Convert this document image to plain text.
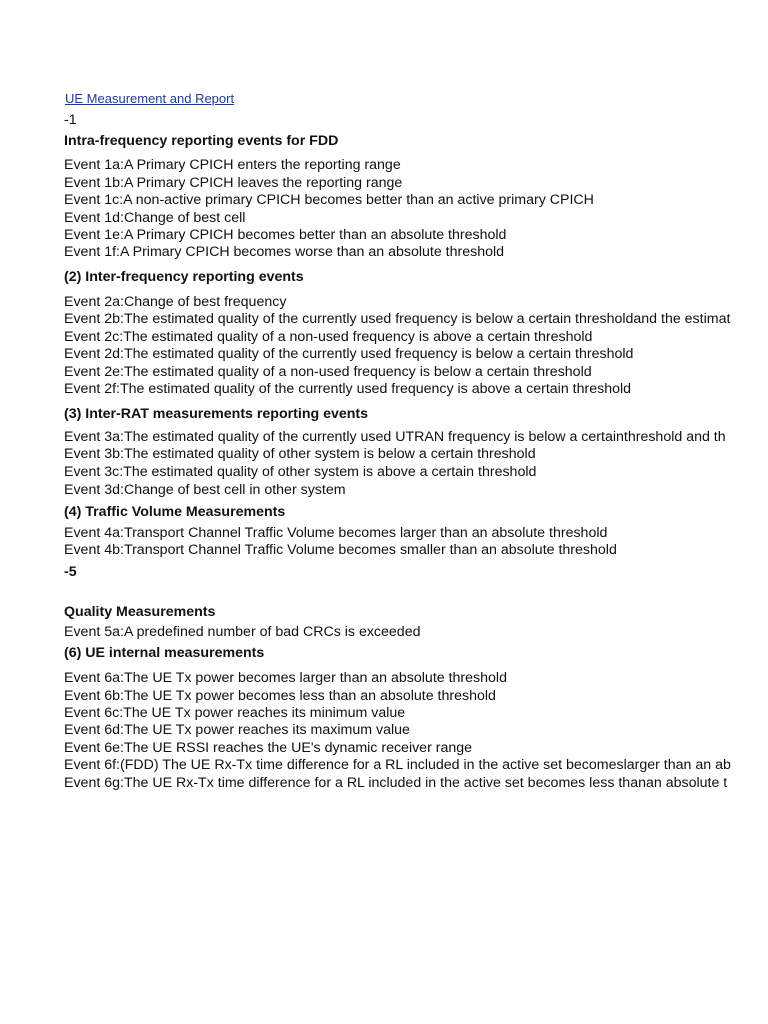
UE Measurement and Report
-1
Intra-frequency reporting events for FDD
Event 1a:A Primary CPICH enters the reporting range
Event 1b:A Primary CPICH leaves the reporting range
Event 1c:A non-active primary CPICH becomes better than an active primary CPICH
Event 1d:Change of best cell
Event 1e:A Primary CPICH becomes better than an absolute threshold
Event 1f:A Primary CPICH becomes worse than an absolute threshold
(2) Inter-frequency reporting events
Event 2a:Change of best frequency
Event 2b:The estimated quality of the currently used frequency is below a certain thresholdand the estimat
Event 2c:The estimated quality of a non-used frequency is above a certain threshold
Event 2d:The estimated quality of the currently used frequency is below a certain threshold
Event 2e:The estimated quality of a non-used frequency is below a certain threshold
Event 2f:The estimated quality of the currently used frequency is above a certain threshold
(3) Inter-RAT measurements reporting events
Event 3a:The estimated quality of the currently used UTRAN frequency is below a certainthreshold and th
Event 3b:The estimated quality of other system is below a certain threshold
Event 3c:The estimated quality of other system is above a certain threshold
Event 3d:Change of best cell in other system
(4) Traffic Volume Measurements
Event 4a:Transport Channel Traffic Volume becomes larger than an absolute threshold
Event 4b:Transport Channel Traffic Volume becomes smaller than an absolute threshold
-5
Quality Measurements
Event 5a:A predefined number of bad CRCs is exceeded
(6) UE internal measurements
Event 6a:The UE Tx power becomes larger than an absolute threshold
Event 6b:The UE Tx power becomes less than an absolute threshold
Event 6c:The UE Tx power reaches its minimum value
Event 6d:The UE Tx power reaches its maximum value
Event 6e:The UE RSSI reaches the UE's dynamic receiver range
Event 6f:(FDD) The UE Rx-Tx time difference for a RL included in the active set becomeslarger than an ab
Event 6g:The UE Rx-Tx time difference for a RL included in the active set becomes less thanan absolute t
